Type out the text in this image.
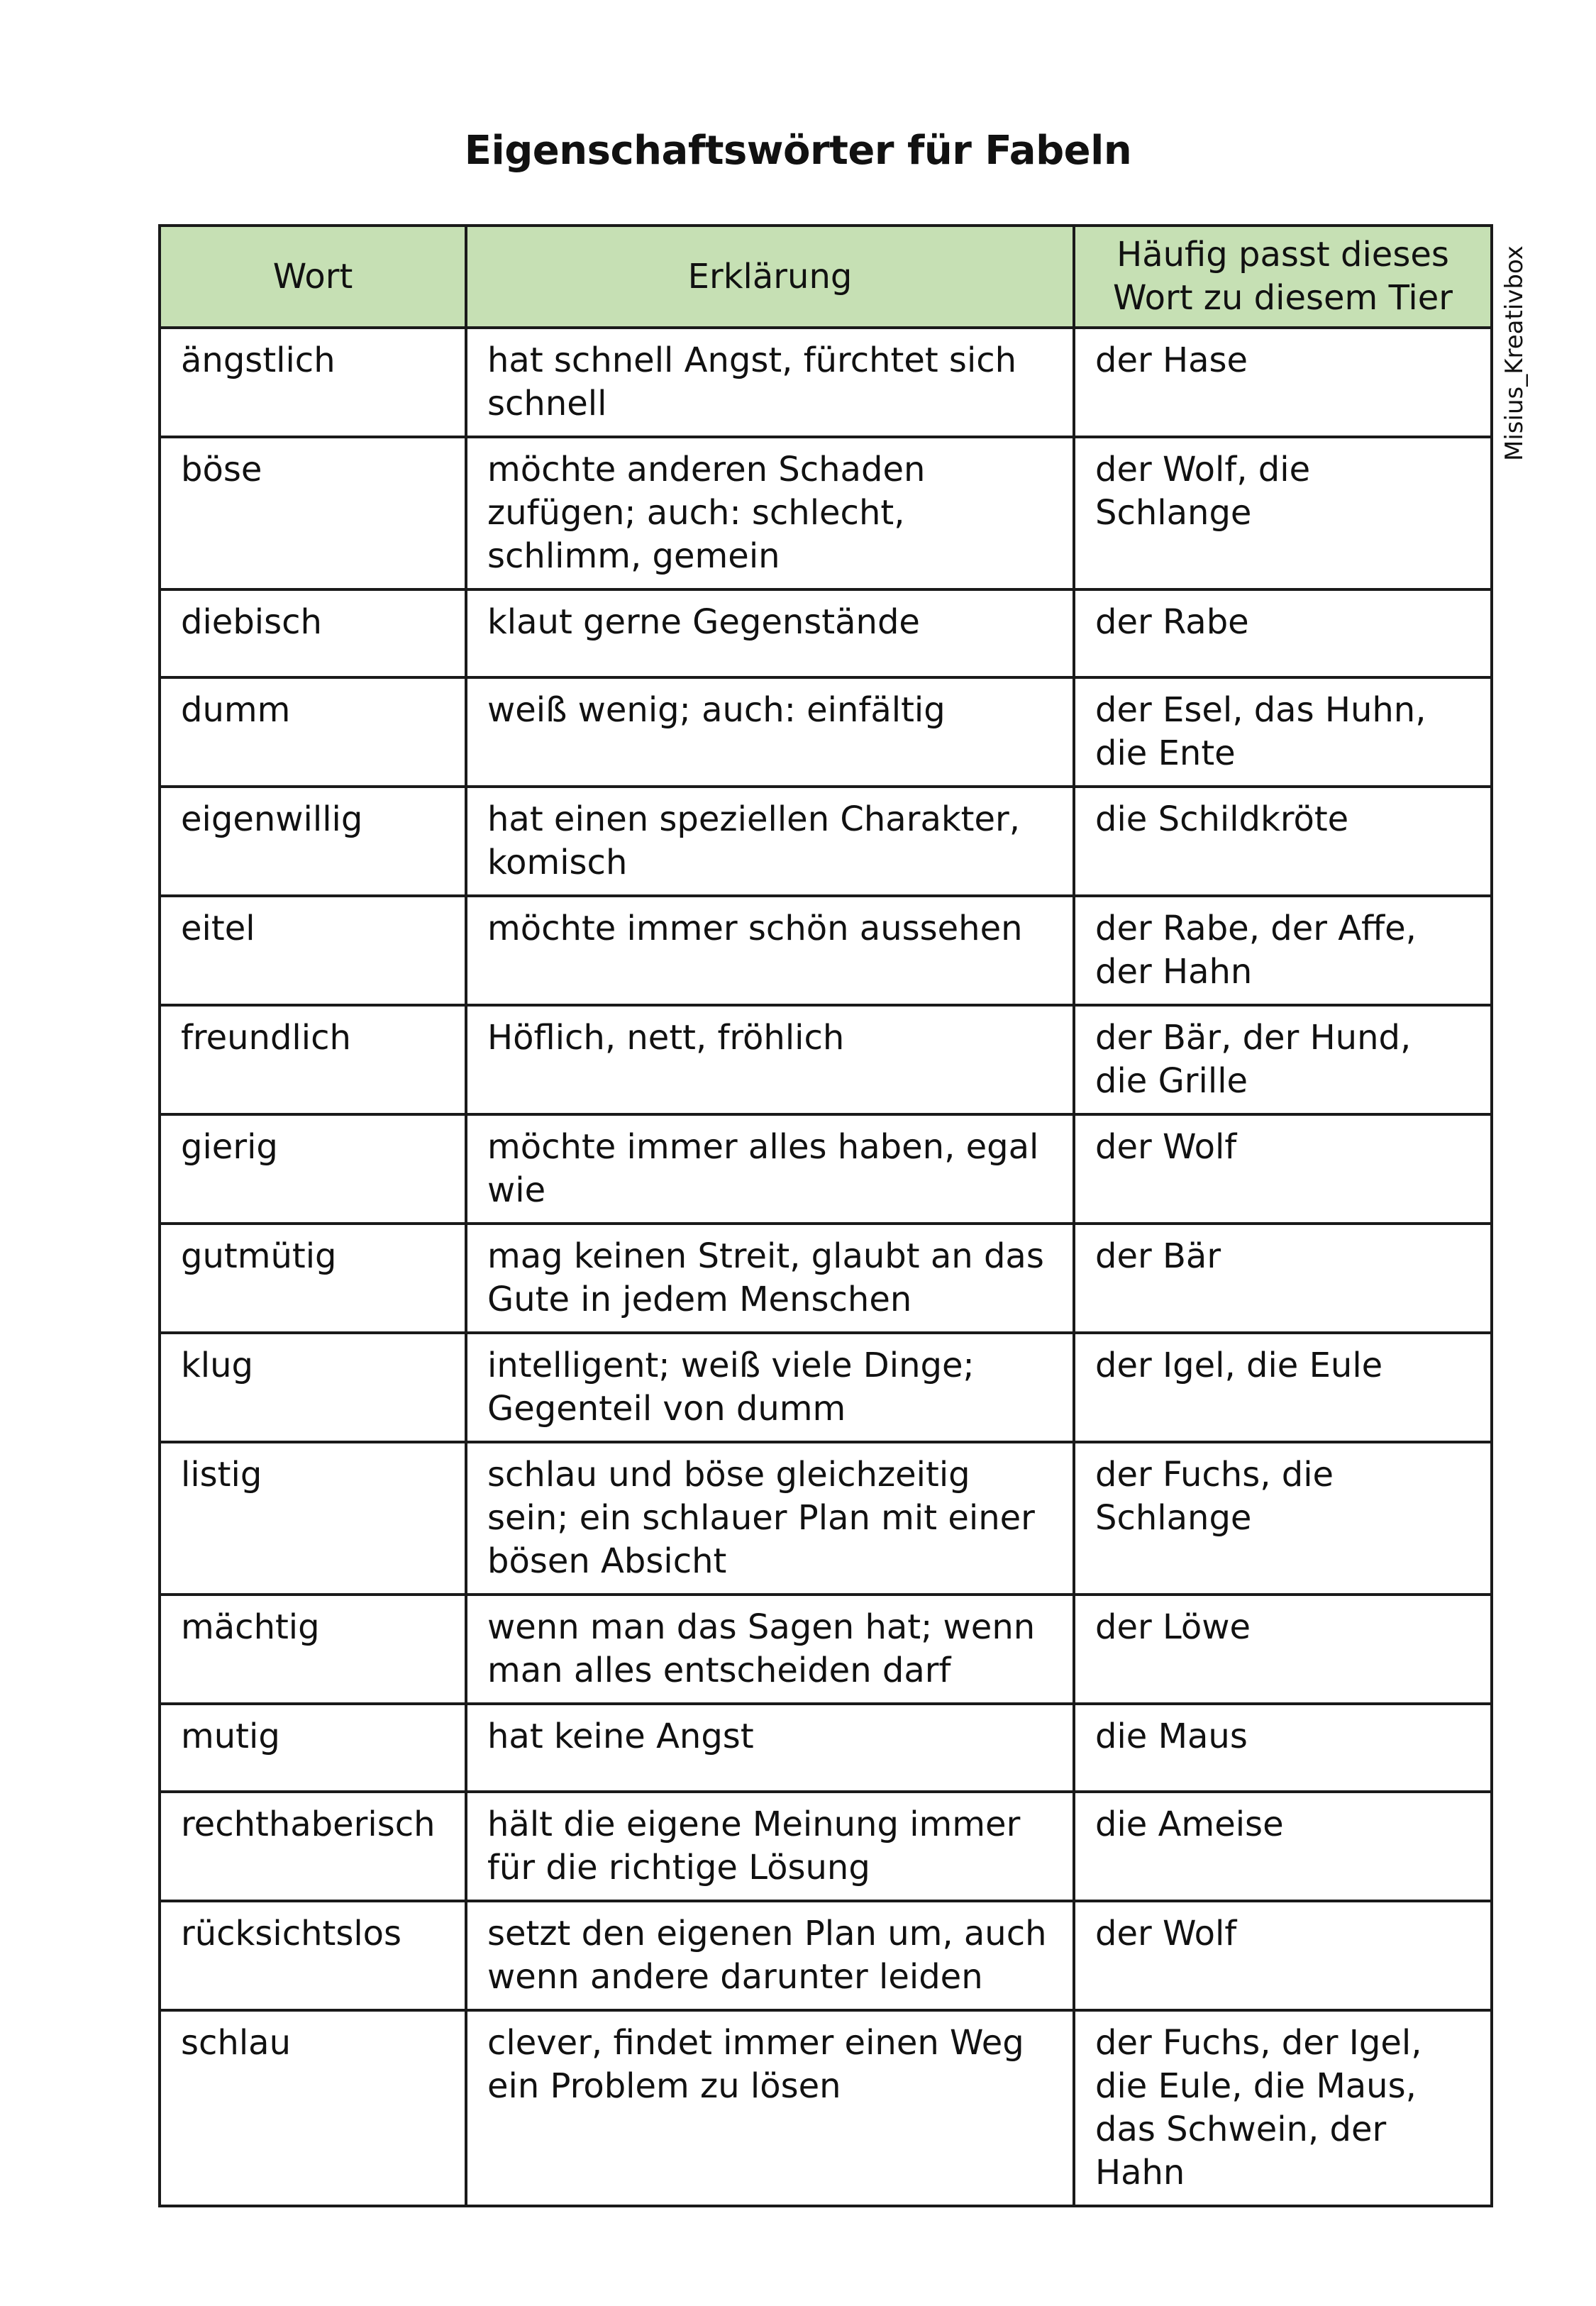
Eigenschaftswörter für Fabeln
Misius_Kreativbox
Wort	Erklärung	Häufig passt dieses Wort zu diesem Tier
ängstlich	hat schnell Angst, fürchtet sich schnell	der Hase
böse	möchte anderen Schaden zufügen; auch: schlecht, schlimm, gemein	der Wolf, die Schlange
diebisch	klaut gerne Gegenstände	der Rabe
dumm	weiß wenig; auch: einfältig	der Esel, das Huhn, die Ente
eigenwillig	hat einen speziellen Charakter, komisch	die Schildkröte
eitel	möchte immer schön aussehen	der Rabe, der Affe, der Hahn
freundlich	Höflich, nett, fröhlich	der Bär, der Hund, die Grille
gierig	möchte immer alles haben, egal wie	der Wolf
gutmütig	mag keinen Streit, glaubt an das Gute in jedem Menschen	der Bär
klug	intelligent; weiß viele Dinge; Gegenteil von dumm	der Igel, die Eule
listig	schlau und böse gleichzeitig sein; ein schlauer Plan mit einer bösen Absicht	der Fuchs, die Schlange
mächtig	wenn man das Sagen hat; wenn man alles entscheiden darf	der Löwe
mutig	hat keine Angst	die Maus
rechthaberisch	hält die eigene Meinung immer für die richtige Lösung	die Ameise
rücksichtslos	setzt den eigenen Plan um, auch wenn andere darunter leiden	der Wolf
schlau	clever, findet immer einen Weg ein Problem zu lösen	der Fuchs, der Igel, die Eule, die Maus, das Schwein, der Hahn
